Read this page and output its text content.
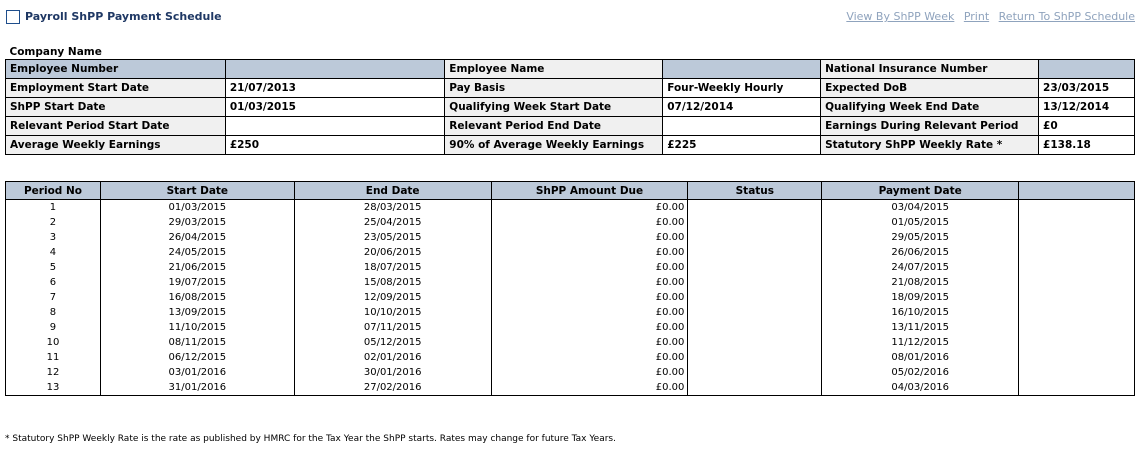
Payroll ShPP Payment Schedule	View By ShPP Week Print Return To ShPP Schedule
Company Name					
Employee Number		Employee Name		National Insurance Number	
Employment Start Date	21/07/2013	Pay Basis	Four-Weekly Hourly	Expected DoB	23/03/2015
ShPP Start Date	01/03/2015	Qualifying Week Start Date	07/12/2014	Qualifying Week End Date	13/12/2014
Relevant Period Start Date		Relevant Period End Date		Earnings During Relevant Period	£0
Average Weekly Earnings	£250	90% of Average Weekly Earnings	£225	Statutory ShPP Weekly Rate *	£138.18
Period No	Start Date	End Date	ShPP Amount Due	Status	Payment Date	
1	01/03/2015	28/03/2015	£0.00		03/04/2015	
2	29/03/2015	25/04/2015	£0.00		01/05/2015	
3	26/04/2015	23/05/2015	£0.00		29/05/2015	
4	24/05/2015	20/06/2015	£0.00		26/06/2015	
5	21/06/2015	18/07/2015	£0.00		24/07/2015	
6	19/07/2015	15/08/2015	£0.00		21/08/2015	
7	16/08/2015	12/09/2015	£0.00		18/09/2015	
8	13/09/2015	10/10/2015	£0.00		16/10/2015	
9	11/10/2015	07/11/2015	£0.00		13/11/2015	
10	08/11/2015	05/12/2015	£0.00		11/12/2015	
11	06/12/2015	02/01/2016	£0.00		08/01/2016	
12	03/01/2016	30/01/2016	£0.00		05/02/2016	
13	31/01/2016	27/02/2016	£0.00		04/03/2016	
* Statutory ShPP Weekly Rate is the rate as published by HMRC for the Tax Year the ShPP starts. Rates may change for future Tax Years.
